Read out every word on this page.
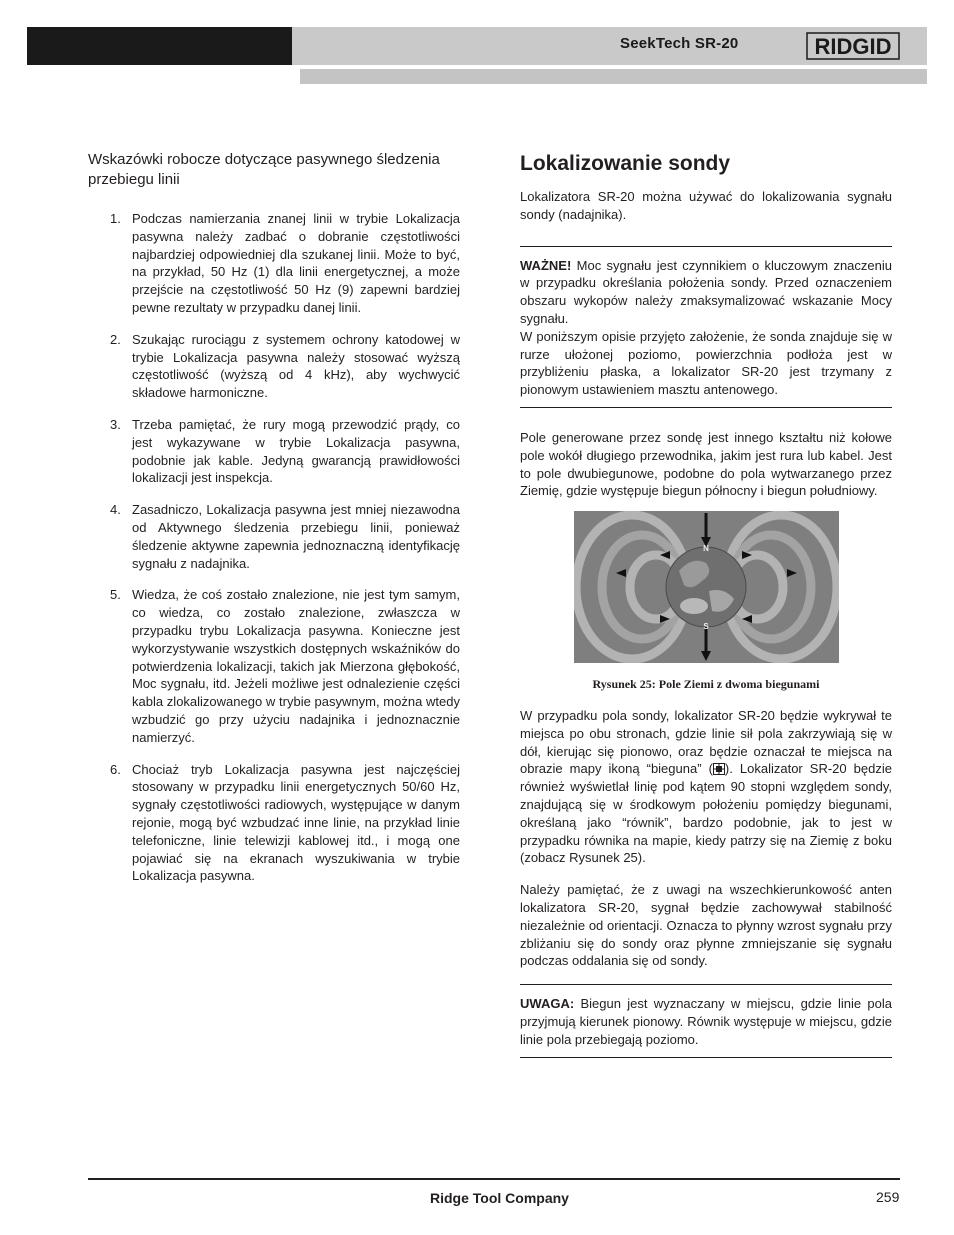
SeekTech SR-20	RIDGID
Wskazówki robocze dotyczące pasywnego śledzenia przebiegu linii
1. Podczas namierzania znanej linii w trybie Lokalizacja pasywna należy zadbać o dobranie częstotliwości najbardziej odpowiedniej dla szukanej linii. Może to być, na przykład, 50 Hz (1) dla linii energetycznej, a może przejście na częstotliwość 50 Hz (9) zapewni bardziej pewne rezultaty w przypadku danej linii.
2. Szukając rurociągu z systemem ochrony katodowej w trybie Lokalizacja pasywna należy stosować wyższą częstotliwość (wyższą od 4 kHz), aby wychwycić składowe harmoniczne.
3. Trzeba pamiętać, że rury mogą przewodzić prądy, co jest wykazywane w trybie Lokalizacja pasywna, podobnie jak kable. Jedyną gwarancją prawidłowości lokalizacji jest inspekcja.
4. Zasadniczo, Lokalizacja pasywna jest mniej niezawodna od Aktywnego śledzenia przebiegu linii, ponieważ śledzenie aktywne zapewnia jednoznaczną identyfikację sygnału z nadajnika.
5. Wiedza, że coś zostało znalezione, nie jest tym samym, co wiedza, co zostało znalezione, zwłaszcza w przypadku trybu Lokalizacja pasywna. Konieczne jest wykorzystywanie wszystkich dostępnych wskaźników do potwierdzenia lokalizacji, takich jak Mierzona głębokość, Moc sygnału, itd. Jeżeli możliwe jest odnalezienie części kabla zlokalizowanego w trybie pasywnym, można wtedy wzbudzić go przy użyciu nadajnika i jednoznacznie namierzyć.
6. Chociaż tryb Lokalizacja pasywna jest najczęściej stosowany w przypadku linii energetycznych 50/60 Hz, sygnały częstotliwości radiowych, występujące w danym rejonie, mogą być wzbudzać inne linie, na przykład linie telefoniczne, linie telewizji kablowej itd., i mogą one pojawiać się na ekranach wyszukiwania w trybie Lokalizacja pasywna.
Lokalizowanie sondy

Lokalizatora SR-20 można używać do lokalizowania sygnału sondy (nadajnika).

WAŻNE! Moc sygnału jest czynnikiem o kluczowym znaczeniu w przypadku określania położenia sondy. Przed oznaczeniem obszaru wykopów należy zmaksymalizować wskazanie Mocy sygnału.

W poniższym opisie przyjęto założenie, że sonda znajduje się w rurze ułożonej poziomo, powierzchnia podłoża jest w przybliżeniu płaska, a lokalizator SR-20 jest trzymany z pionowym ustawieniem masztu antenowego.

Pole generowane przez sondę jest innego kształtu niż kołowe pole wokół długiego przewodnika, jakim jest rura lub kabel. Jest to pole dwubiegunowe, podobne do pola wytwarzanego przez Ziemię, gdzie występuje biegun północny i biegun południowy.

N
S
Rysunek 25: Pole Ziemi z dwoma biegunami

W przypadku pola sondy, lokalizator SR-20 będzie wykrywał te miejsca po obu stronach, gdzie linie sił pola zakrzywiają się w dół, kierując się pionowo, oraz będzie oznaczał te miejsca na obrazie mapy ikoną “bieguna” ( ). Lokalizator SR-20 będzie również wyświetlał linię pod kątem 90 stopni względem sondy, znajdującą się w środkowym położeniu pomiędzy biegunami, określaną jako “równik”, bardzo podobnie, jak to jest w przypadku równika na mapie, kiedy patrzy się na Ziemię z boku (zobacz Rysunek 25).

Należy pamiętać, że z uwagi na wszechkierunkowość anten lokalizatora SR-20, sygnał będzie zachowywał stabilność niezależnie od orientacji. Oznacza to płynny wzrost sygnału przy zbliżaniu się do sondy oraz płynne zmniejszanie się sygnału podczas oddalania się od sondy.

UWAGA: Biegun jest wyznaczany w miejscu, gdzie linie pola przyjmują kierunek pionowy. Równik występuje w miejscu, gdzie linie pola przebiegają poziomo.

Ridge Tool Company	259
